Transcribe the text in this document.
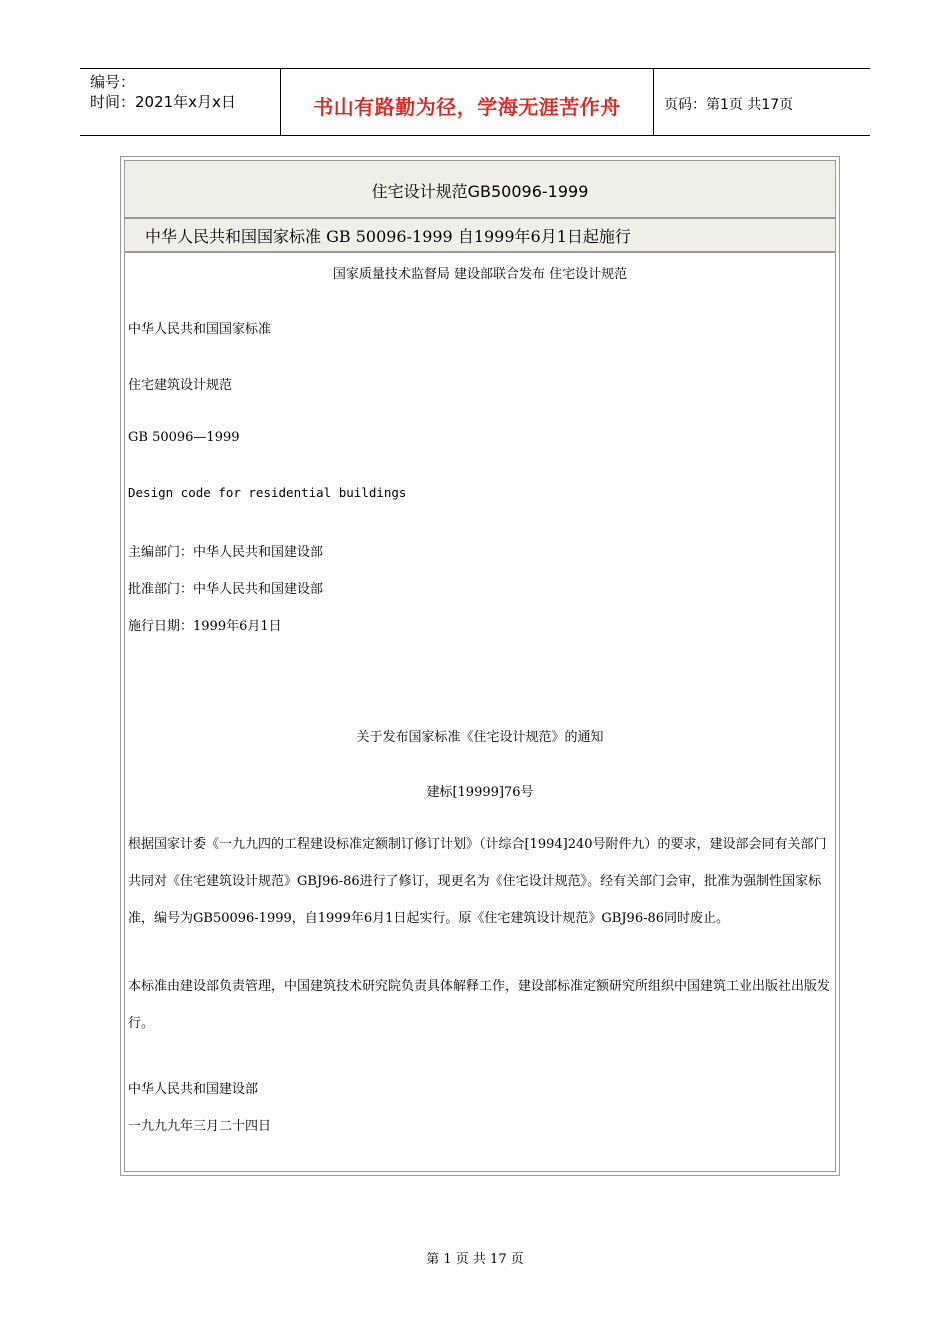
编号：
时间：2021年x月x日	书山有路勤为径，学海无涯苦作舟	页码：第1页 共17页
住宅设计规范GB50096-1999
中华人民共和国国家标准 GB 50096-1999 自1999年6月1日起施行

国家质量技术监督局 建设部联合发布 住宅设计规范

中华人民共和国国家标准

住宅建筑设计规范

GB 50096—1999

Design code for residential buildings

主编部门：中华人民共和国建设部

批准部门：中华人民共和国建设部

施行日期：1999年6月1日

关于发布国家标准《住宅设计规范》的通知

建标[19999]76号

根据国家计委《一九九四的工程建设标准定额制订修订计划》（计综合[1994]240号附件九）的要求，建设部会同有关部门共同对《住宅建筑设计规范》GBJ96-86进行了修订，现更名为《住宅设计规范》。经有关部门会审，批准为强制性国家标准，编号为GB50096-1999，自1999年6月1日起实行。原《住宅建筑设计规范》GBJ96-86同时废止。

本标准由建设部负责管理，中国建筑技术研究院负责具体解释工作，建设部标准定额研究所组织中国建筑工业出版社出版发行。

中华人民共和国建设部

一九九九年三月二十四日

第 1 页 共 17 页
